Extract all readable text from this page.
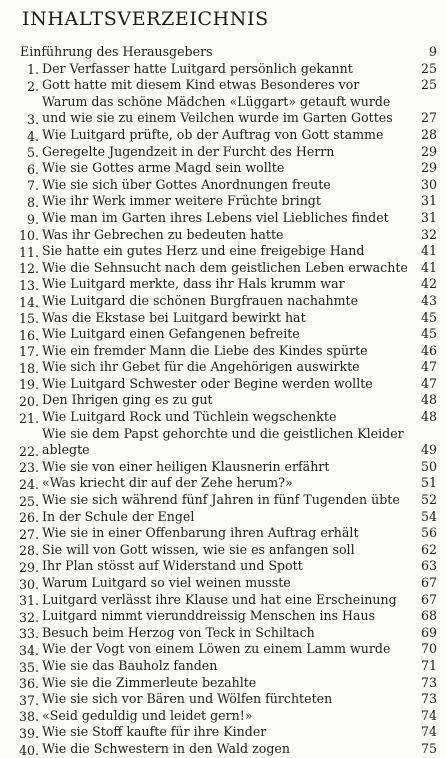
INHALTSVERZEICHNIS
Einführung des Herausgebers	9
1. Der Verfasser hatte Luitgard persönlich gekannt	25
2. Gott hatte mit diesem Kind etwas Besonderes vor	25
3.
Warum das schöne Mädchen «Lüggart» getauft wurde
und wie sie zu einem Veilchen wurde im Garten Gottes	27
4. Wie Luitgard prüfte, ob der Auftrag von Gott stamme	28
5. Geregelte Jugendzeit in der Furcht des Herrn	29
6. Wie sie Gottes arme Magd sein wollte	29
7. Wie sie sich über Gottes Anordnungen freute	30
8. Wie ihr Werk immer weitere Früchte bringt	31
9. Wie man im Garten ihres Lebens viel Liebliches findet	31
10. Was ihr Gebrechen zu bedeuten hatte	32
11. Sie hatte ein gutes Herz und eine freigebige Hand	41
12. Wie die Sehnsucht nach dem geistlichen Leben erwachte	41
13. Wie Luitgard merkte, dass ihr Hals krumm war	42
14. Wie Luitgard die schönen Burgfrauen nachahmte	43
15. Was die Ekstase bei Luitgard bewirkt hat	45
16. Wie Luitgard einen Gefangenen befreite	45
17. Wie ein fremder Mann die Liebe des Kindes spürte	46
18. Wie sich ihr Gebet für die Angehörigen auswirkte	47
19. Wie Luitgard Schwester oder Begine werden wollte	47
20. Den Ihrigen ging es zu gut	48
21. Wie Luitgard Rock und Tüchlein wegschenkte	48
22.
Wie sie dem Papst gehorchte und die geistlichen Kleider
ablegte	49
23. Wie sie von einer heiligen Klausnerin erfährt	50
24. «Was kriecht dir auf der Zehe herum?»	51
25. Wie sie sich während fünf Jahren in fünf Tugenden übte	52
26. In der Schule der Engel	54
27. Wie sie in einer Offenbarung ihren Auftrag erhält	56
28. Sie will von Gott wissen, wie sie es anfangen soll	62
29. Ihr Plan stösst auf Widerstand und Spott	63
30. Warum Luitgard so viel weinen musste	67
31. Luitgard verlässt ihre Klause und hat eine Erscheinung	67
32. Luitgard nimmt vierunddreissig Menschen ins Haus	68
33. Besuch beim Herzog von Teck in Schiltach	69
34. Wie der Vogt von einem Löwen zu einem Lamm wurde	70
35. Wie sie das Bauholz fanden	71
36. Wie sie die Zimmerleute bezahlte	73
37. Wie sie sich vor Bären und Wölfen fürchteten	73
38. «Seid geduldig und leidet gern!»	74
39. Wie sie Stoff kaufte für ihre Kinder	74
40. Wie die Schwestern in den Wald zogen	75
